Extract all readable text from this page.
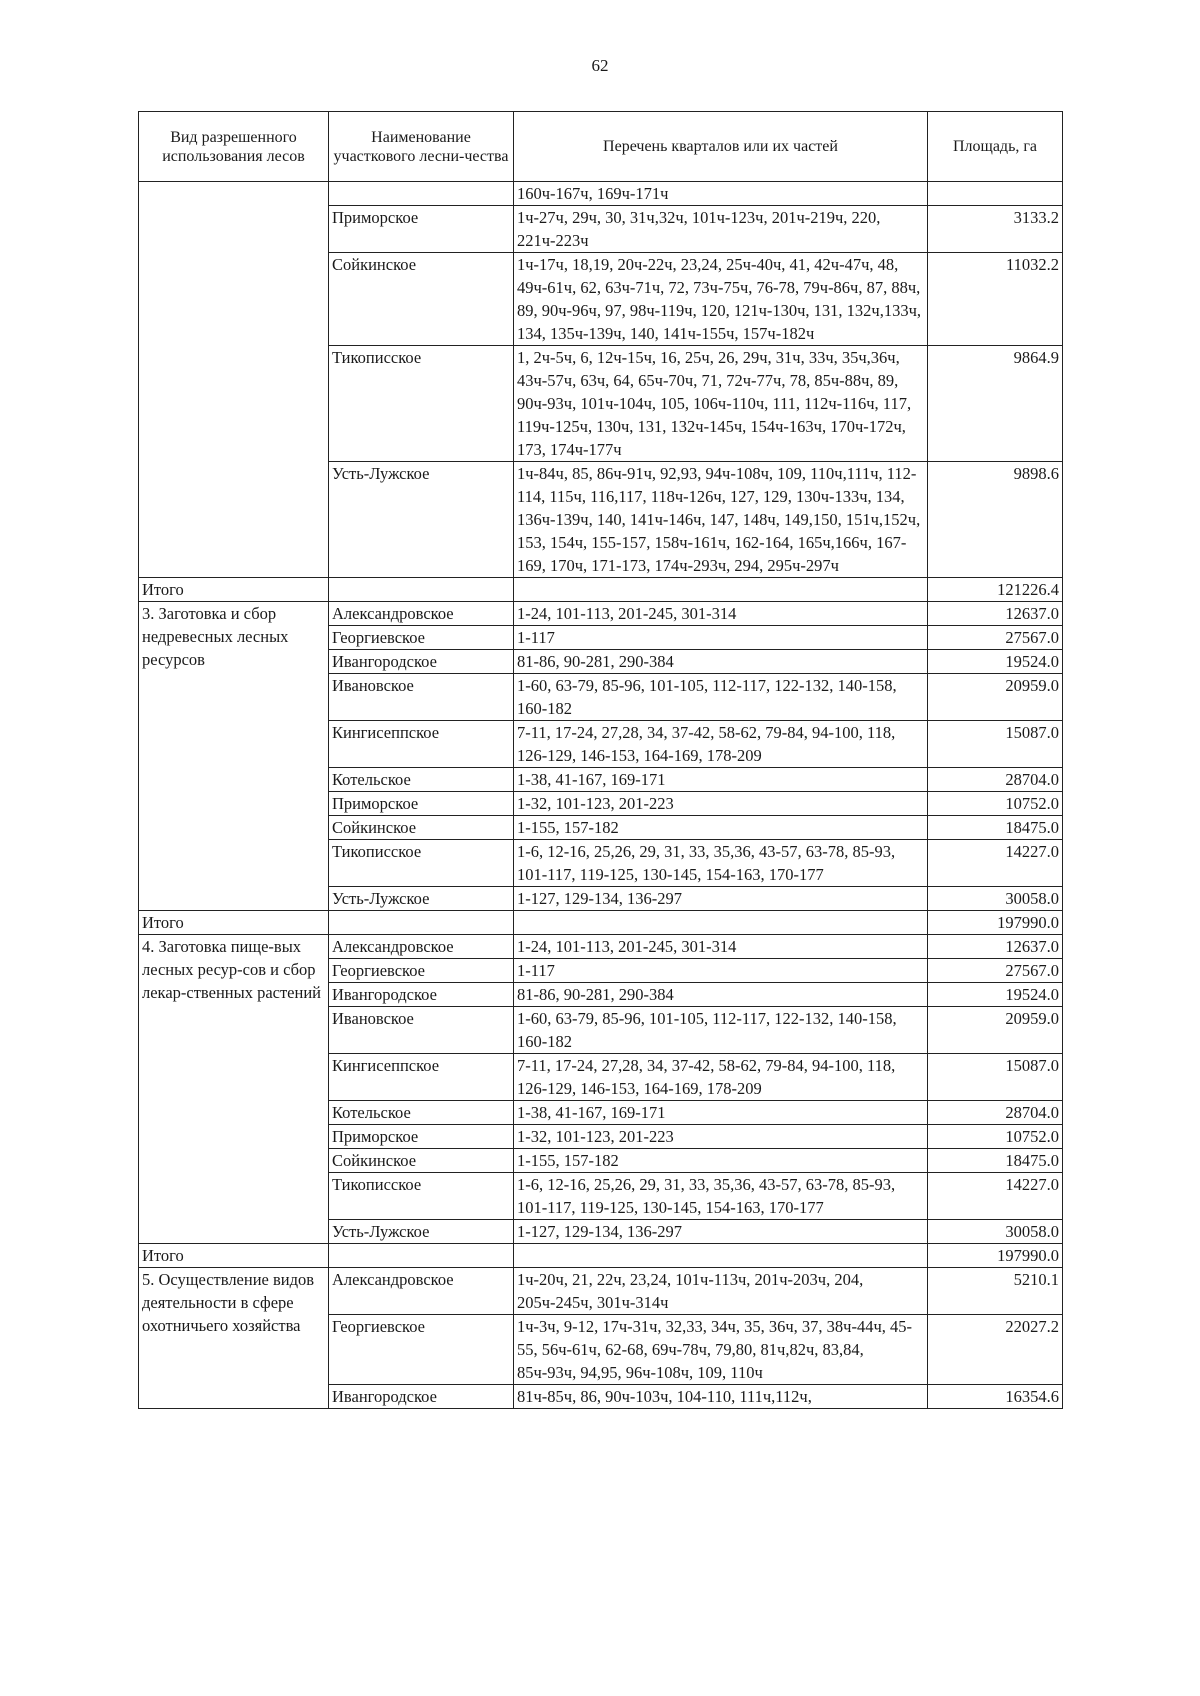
62
Вид разрешенного использования лесов	Наименование участкового лесни-чества	Перечень кварталов или их частей	Площадь, га
		160ч-167ч, 169ч-171ч	
	Приморское	1ч-27ч, 29ч, 30, 31ч,32ч, 101ч-123ч, 201ч-219ч, 220, 221ч-223ч	3133.2
	Сойкинское	1ч-17ч, 18,19, 20ч-22ч, 23,24, 25ч-40ч, 41, 42ч-47ч, 48, 49ч-61ч, 62, 63ч-71ч, 72, 73ч-75ч, 76-78, 79ч-86ч, 87, 88ч, 89, 90ч-96ч, 97, 98ч-119ч, 120, 121ч-130ч, 131, 132ч,133ч, 134, 135ч-139ч, 140, 141ч-155ч, 157ч-182ч	11032.2
	Тикописское	1, 2ч-5ч, 6, 12ч-15ч, 16, 25ч, 26, 29ч, 31ч, 33ч, 35ч,36ч, 43ч-57ч, 63ч, 64, 65ч-70ч, 71, 72ч-77ч, 78, 85ч-88ч, 89, 90ч-93ч, 101ч-104ч, 105, 106ч-110ч, 111, 112ч-116ч, 117, 119ч-125ч, 130ч, 131, 132ч-145ч, 154ч-163ч, 170ч-172ч, 173, 174ч-177ч	9864.9
	Усть-Лужское	1ч-84ч, 85, 86ч-91ч, 92,93, 94ч-108ч, 109, 110ч,111ч, 112-114, 115ч, 116,117, 118ч-126ч, 127, 129, 130ч-133ч, 134, 136ч-139ч, 140, 141ч-146ч, 147, 148ч, 149,150, 151ч,152ч, 153, 154ч, 155-157, 158ч-161ч, 162-164, 165ч,166ч, 167-169, 170ч, 171-173, 174ч-293ч, 294, 295ч-297ч	9898.6
Итого			121226.4
3. Заготовка и сбор недревесных лесных ресурсов	Александровское	1-24, 101-113, 201-245, 301-314	12637.0
	Георгиевское	1-117	27567.0
	Ивангородское	81-86, 90-281, 290-384	19524.0
	Ивановское	1-60, 63-79, 85-96, 101-105, 112-117, 122-132, 140-158, 160-182	20959.0
	Кингисеппское	7-11, 17-24, 27,28, 34, 37-42, 58-62, 79-84, 94-100, 118, 126-129, 146-153, 164-169, 178-209	15087.0
	Котельское	1-38, 41-167, 169-171	28704.0
	Приморское	1-32, 101-123, 201-223	10752.0
	Сойкинское	1-155, 157-182	18475.0
	Тикописское	1-6, 12-16, 25,26, 29, 31, 33, 35,36, 43-57, 63-78, 85-93, 101-117, 119-125, 130-145, 154-163, 170-177	14227.0
	Усть-Лужское	1-127, 129-134, 136-297	30058.0
Итого			197990.0
4. Заготовка пище-вых лесных ресур-сов и сбор лекар-ственных растений	Александровское	1-24, 101-113, 201-245, 301-314	12637.0
	Георгиевское	1-117	27567.0
	Ивангородское	81-86, 90-281, 290-384	19524.0
	Ивановское	1-60, 63-79, 85-96, 101-105, 112-117, 122-132, 140-158, 160-182	20959.0
	Кингисеппское	7-11, 17-24, 27,28, 34, 37-42, 58-62, 79-84, 94-100, 118, 126-129, 146-153, 164-169, 178-209	15087.0
	Котельское	1-38, 41-167, 169-171	28704.0
	Приморское	1-32, 101-123, 201-223	10752.0
	Сойкинское	1-155, 157-182	18475.0
	Тикописское	1-6, 12-16, 25,26, 29, 31, 33, 35,36, 43-57, 63-78, 85-93, 101-117, 119-125, 130-145, 154-163, 170-177	14227.0
	Усть-Лужское	1-127, 129-134, 136-297	30058.0
Итого			197990.0
5. Осуществление видов деятельности в сфере охотничьего хозяйства	Александровское	1ч-20ч, 21, 22ч, 23,24, 101ч-113ч, 201ч-203ч, 204, 205ч-245ч, 301ч-314ч	5210.1
	Георгиевское	1ч-3ч, 9-12, 17ч-31ч, 32,33, 34ч, 35, 36ч, 37, 38ч-44ч, 45-55, 56ч-61ч, 62-68, 69ч-78ч, 79,80, 81ч,82ч, 83,84, 85ч-93ч, 94,95, 96ч-108ч, 109, 110ч	22027.2
	Ивангородское	81ч-85ч, 86, 90ч-103ч, 104-110, 111ч,112ч,	16354.6
